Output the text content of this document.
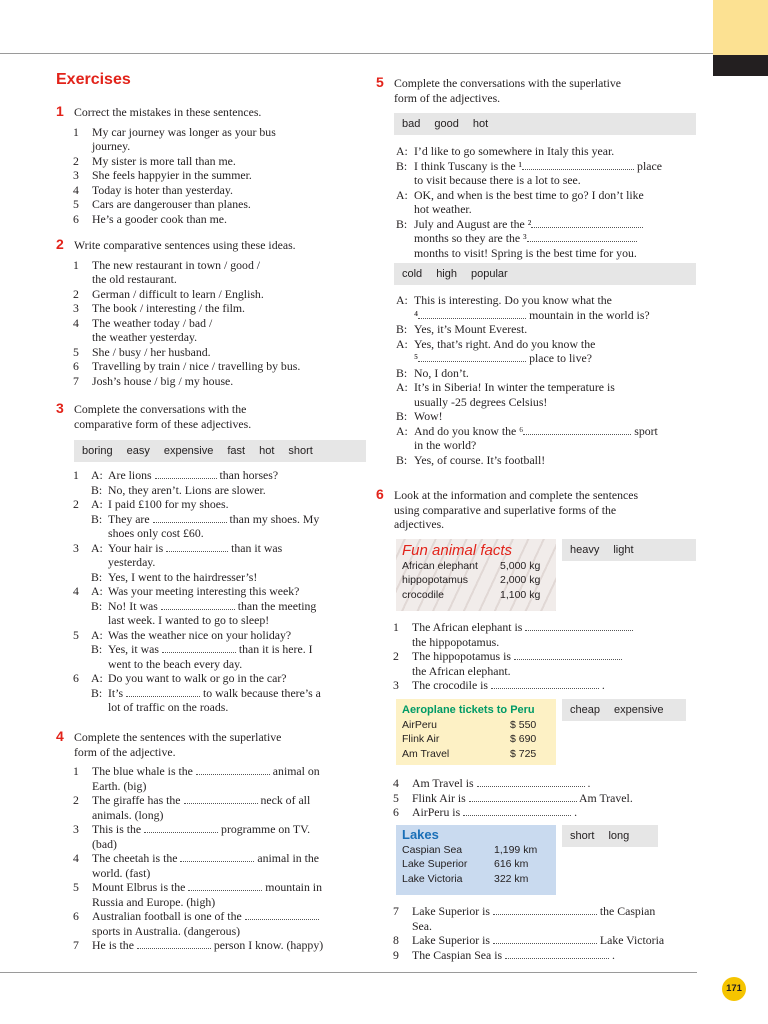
Exercises
1 Correct the mistakes in these sentences.
1 My car journey was longer as your bus
journey.
2 My sister is more tall than me.
3 She feels happyier in the summer.
4 Today is hoter than yesterday.
5 Cars are dangerouser than planes.
6 He’s a gooder cook than me.
2 Write comparative sentences using these ideas.
1 The new restaurant in town / good /
the old restaurant.
2 German / difficult to learn / English.
3 The book / interesting / the film.
4 The weather today / bad /
the weather yesterday.
5 She / busy / her husband.
6 Travelling by train / nice / travelling by bus.
7 Josh’s house / big / my house.
3 Complete the conversations with the
comparative form of these adjectives.
boring easy expensive fast hot short
1 A: Are lions	than horses?
B: No, they aren’t. Lions are slower.
2 A: I paid £100 for my shoes.
B: They are	than my shoes. My
shoes only cost £60.
3 A: Your hair is	than it was
yesterday.
B: Yes, I went to the hairdresser’s!
4 A: Was your meeting interesting this week?
B: No! It was	than the meeting
last week. I wanted to go to sleep!
5 A: Was the weather nice on your holiday?
B: Yes, it was	than it is here. I
went to the beach every day.
6 A: Do you want to walk or go in the car?
B: It’s	to walk because there’s a
lot of traffic on the roads.
4 Complete the sentences with the superlative
form of the adjective.
1 The blue whale is the	animal on
Earth. (big)
2 The giraffe has the	neck of all
animals. (long)
3 This is the	programme on TV.
(bad)
4 The cheetah is the	animal in the
world. (fast)
5 Mount Elbrus is the	mountain in
Russia and Europe. (high)
6 Australian football is one of the
sports in Australia. (dangerous)
7 He is the	person I know. (happy)
5 Complete the conversations with the superlative
form of the adjectives.
bad good hot
A: I’d like to go somewhere in Italy this year.
B: I think Tuscany is the ¹	place
to visit because there is a lot to see.
A: OK, and when is the best time to go? I don’t like
hot weather.
B: July and August are the ²
months so they are the ³
months to visit! Spring is the best time for you.
cold high popular
A: This is interesting. Do you know what the
⁴	mountain in the world is?
B: Yes, it’s Mount Everest.
A: Yes, that’s right. And do you know the
⁵	place to live?
B: No, I don’t.
A: It’s in Siberia! In winter the temperature is
usually -25 degrees Celsius!
B: Wow!
A: And do you know the ⁶	sport
in the world?
B: Yes, of course. It’s football!
6 Look at the information and complete the sentences
using comparative and superlative forms of the
adjectives.
Fun animal facts
African elephant	5,000 kg
hippopotamus	2,000 kg
crocodile	1,100 kg
heavy light
1 The African elephant is
the hippopotamus.
2 The hippopotamus is
the African elephant.
3 The crocodile is	.
Aeroplane tickets to Peru
AirPeru	$ 550
Flink Air	$ 690
Am Travel	$ 725
cheap expensive
4 Am Travel is	.
5 Flink Air is	Am Travel.
6 AirPeru is	.
Lakes
Caspian Sea	1,199 km
Lake Superior	616 km
Lake Victoria	322 km
short long
7 Lake Superior is	the Caspian
Sea.
8 Lake Superior is	Lake Victoria
9 The Caspian Sea is	.
171
